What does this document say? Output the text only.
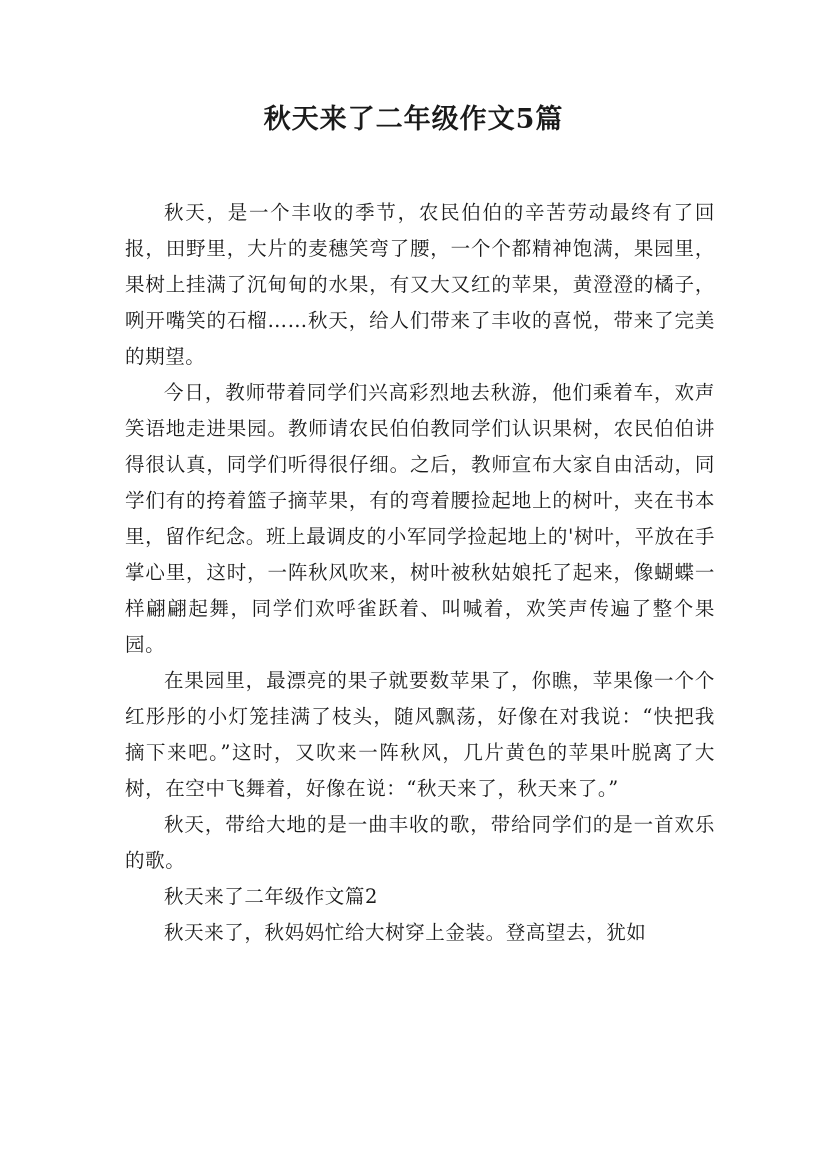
秋天来了二年级作文5篇

秋天，是一个丰收的季节，农民伯伯的辛苦劳动最终有了回报，田野里，大片的麦穗笑弯了腰，一个个都精神饱满，果园里，果树上挂满了沉甸甸的水果，有又大又红的苹果，黄澄澄的橘子，咧开嘴笑的石榴……秋天，给人们带来了丰收的喜悦，带来了完美的期望。

今日，教师带着同学们兴高彩烈地去秋游，他们乘着车，欢声笑语地走进果园。教师请农民伯伯教同学们认识果树，农民伯伯讲得很认真，同学们听得很仔细。之后，教师宣布大家自由活动，同学们有的挎着篮子摘苹果，有的弯着腰捡起地上的树叶，夹在书本里，留作纪念。班上最调皮的小军同学捡起地上的'树叶，平放在手掌心里，这时，一阵秋风吹来，树叶被秋姑娘托了起来，像蝴蝶一样翩翩起舞，同学们欢呼雀跃着、叫喊着，欢笑声传遍了整个果园。

在果园里，最漂亮的果子就要数苹果了，你瞧，苹果像一个个红彤彤的小灯笼挂满了枝头，随风飘荡，好像在对我说：“快把我摘下来吧。”这时，又吹来一阵秋风，几片黄色的苹果叶脱离了大树，在空中飞舞着，好像在说：“秋天来了，秋天来了。”

秋天，带给大地的是一曲丰收的歌，带给同学们的是一首欢乐的歌。

秋天来了二年级作文篇2

秋天来了，秋妈妈忙给大树穿上金装。登高望去，犹如
